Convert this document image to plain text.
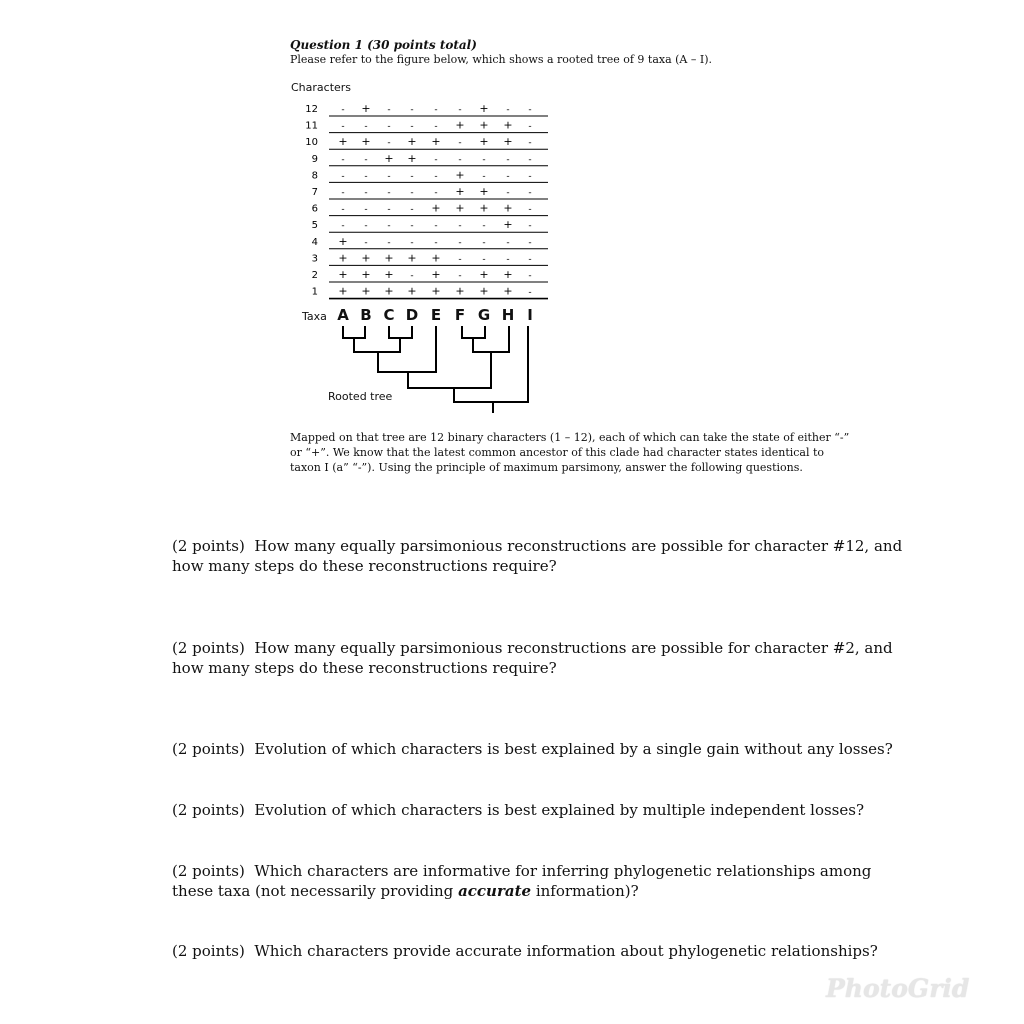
Question 1 (30 points total)
Please refer to the figure below, which shows a rooted tree of 9 taxa (A – I).
Characters
12	- + - - - - + - -
11	- - - - - + + + -
10 + + - + + - + + -
9	- - + + - - - - -
8	- - - - - + - - -
7	- - - - - + + - -
6	- - - - + + + + -
5	- - - - - - - + -
4 + - - - - - - - -
3 + + + + + - - - -
2 + + + - + - + + -
1 + + + + + + + + -
Taxa A B C D E F G H I
Rooted tree
Mapped on that tree are 12 binary characters (1 – 12), each of which can take the state of either “-” or “+”. We know that the latest common ancestor of this clade had character states identical to taxon I (a” “-”). Using the principle of maximum parsimony, answer the following questions.
(2 points) How many equally parsimonious reconstructions are possible for character #12, and how many steps do these reconstructions require?
(2 points) How many equally parsimonious reconstructions are possible for character #2, and how many steps do these reconstructions require?
(2 points) Evolution of which characters is best explained by a single gain without any losses?
(2 points) Evolution of which characters is best explained by multiple independent losses?
(2 points) Which characters are informative for inferring phylogenetic relationships among these taxa (not necessarily providing accurate information)?
(2 points) Which characters provide accurate information about phylogenetic relationships?
PhotoGrid
